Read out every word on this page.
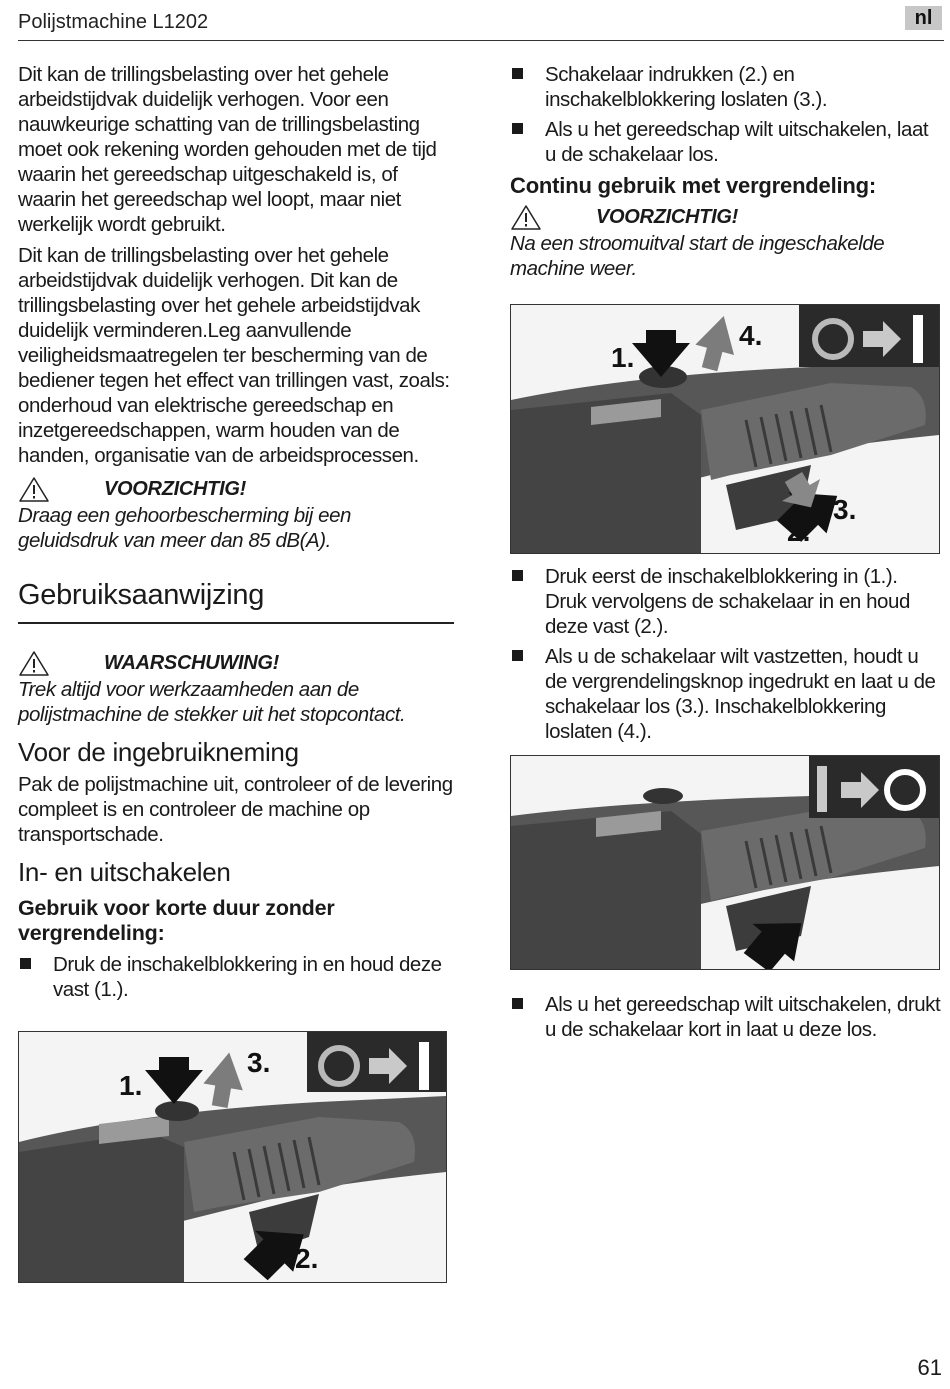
Polijstmachine L1202	nl

Dit kan de trillingsbelasting over het gehele arbeidstijdvak duidelijk verhogen. Voor een nauwkeurige schatting van de trillingsbelasting moet ook rekening worden gehouden met de tijd waarin het gereedschap uitgeschakeld is, of waarin het gereedschap wel loopt, maar niet werkelijk wordt gebruikt.

Dit kan de trillingsbelasting over het gehele arbeidstijdvak duidelijk verhogen. Dit kan de trillingsbelasting over het gehele arbeidstijdvak duidelijk verminderen.Leg aanvullende veiligheidsmaatregelen ter bescherming van de bediener tegen het effect van trillingen vast, zoals: onderhoud van elektrische gereedschap en inzetgereedschappen, warm houden van de handen, organisatie van de arbeidsprocessen.

VOORZICHTIG!
Draag een gehoorbescherming bij een geluidsdruk van meer dan 85 dB(A).
Gebruiksaanwijzing
WAARSCHUWING!
Trek altijd voor werkzaamheden aan de polijstmachine de stekker uit het stopcontact.
Voor de ingebruikneming

Pak de polijstmachine uit, controleer of de levering compleet is en controleer de machine op transportschade.

In- en uitschakelen
Gebruik voor korte duur zonder vergrendeling:
Druk de inschakelblokkering in en houd deze vast (1.).
1.
2.
3.
Schakelaar indrukken (2.) en inschakelblokkering loslaten (3.).
Als u het gereedschap wilt uitschakelen, laat u de schakelaar los.
Continu gebruik met vergrendeling:
VOORZICHTIG!
Na een stroomuitval start de ingeschakelde machine weer.
1.
2.
3.
4.
Druk eerst de inschakelblokkering in (1.). Druk vervolgens de schakelaar in en houd deze vast (2.).
Als u de schakelaar wilt vastzetten, houdt u de vergrendelingsknop ingedrukt en laat u de schakelaar los (3.). Inschakelblokkering loslaten (4.).
Als u het gereedschap wilt uitschakelen, drukt u de schakelaar kort in laat u deze los.
61
